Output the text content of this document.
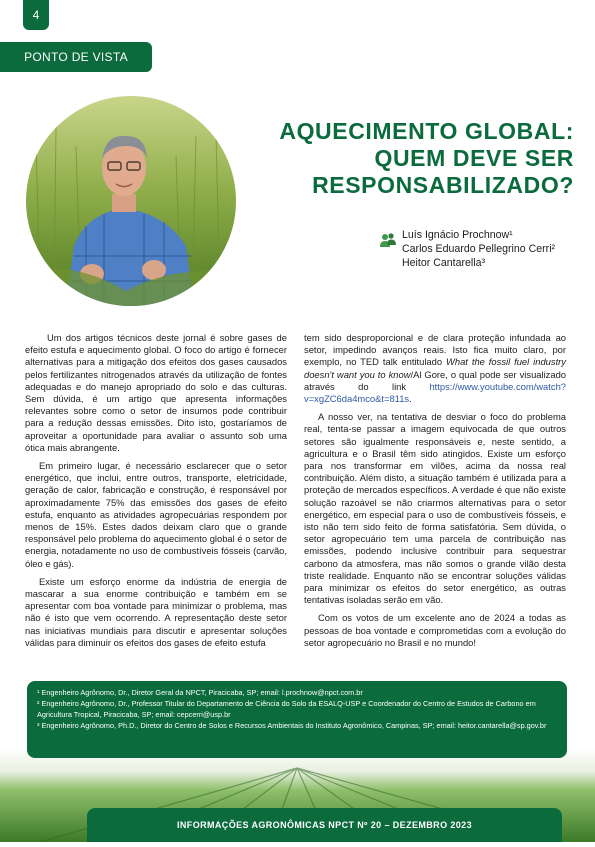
4
PONTO DE VISTA
AQUECIMENTO GLOBAL:
QUEM DEVE SER
RESPONSABILIZADO?
Luís Ignácio Prochnow¹
Carlos Eduardo Pellegrino Cerri²
Heitor Cantarella³

Um dos artigos técnicos deste jornal é sobre gases de efeito estufa e aquecimento global. O foco do artigo é fornecer alternativas para a mitigação dos efeitos dos gases causados pelos fertilizantes nitrogenados através da utilização de fontes adequadas e do manejo apropriado do solo e das culturas. Sem dúvida, é um artigo que apresenta informações relevantes sobre como o setor de insumos pode contribuir para a redução dessas emissões. Dito isto, gostaríamos de aproveitar a oportunidade para avaliar o assunto sob uma ótica mais abrangente.

Em primeiro lugar, é necessário esclarecer que o setor energético, que inclui, entre outros, transporte, eletricidade, geração de calor, fabricação e construção, é responsável por aproximadamente 75% das emissões dos gases de efeito estufa, enquanto as atividades agropecuárias respondem por menos de 15%. Estes dados deixam claro que o grande responsável pelo problema do aquecimento global é o setor de energia, notadamente no uso de combustíveis fósseis (carvão, óleo e gás).

Existe um esforço enorme da indústria de energia de mascarar a sua enorme contribuição e também em se apresentar com boa vontade para minimizar o problema, mas não é isto que vem ocorrendo. A representação deste setor nas iniciativas mundiais para discutir e apresentar soluções válidas para diminuir os efeitos dos gases de efeito estufa

tem sido desproporcional e de clara proteção infundada ao setor, impedindo avanços reais. Isto fica muito claro, por exemplo, no TED talk entitulado What the fossil fuel industry doesn't want you to know/Al Gore, o qual pode ser visualizado através do link https://www.youtube.com/watch?v=xgZC6da4mco&t=811s.

A nosso ver, na tentativa de desviar o foco do problema real, tenta-se passar a imagem equivocada de que outros setores são igualmente responsáveis e, neste sentido, a agricultura e o Brasil têm sido atingidos. Existe um esforço para nos transformar em vilões, acima da nossa real contribuição. Além disto, a situação também é utilizada para a proteção de mercados específicos. A verdade é que não existe solução razoável se não criarmos alternativas para o setor energético, em especial para o uso de combustíveis fósseis, e isto não tem sido feito de forma satisfatória. Sem dúvida, o setor agropecuário tem uma parcela de contribuição nas emissões, podendo inclusive contribuir para sequestrar carbono da atmosfera, mas não somos o grande vilão desta triste realidade. Enquanto não se encontrar soluções válidas para minimizar os efeitos do setor energético, as outras tentativas isoladas serão em vão.

Com os votos de um excelente ano de 2024 a todas as pessoas de boa vontade e comprometidas com a evolução do setor agropecuário no Brasil e no mundo!

¹ Engenheiro Agrônomo, Dr., Diretor Geral da NPCT, Piracicaba, SP; email: l.prochnow@npct.com.br
² Engenheiro Agrônomo, Dr., Professor Titular do Departamento de Ciência do Solo da ESALQ-USP e Coordenador do Centro de Estudos de Carbono em Agricultura Tropical, Piracicaba, SP; email: cepcerri@usp.br
³ Engenheiro Agrônomo, Ph.D., Diretor do Centro de Solos e Recursos Ambientais do Instituto Agronômico, Campinas, SP; email: heitor.cantarella@sp.gov.br
INFORMAÇÕES AGRONÔMICAS NPCT Nº 20 – DEZEMBRO 2023
